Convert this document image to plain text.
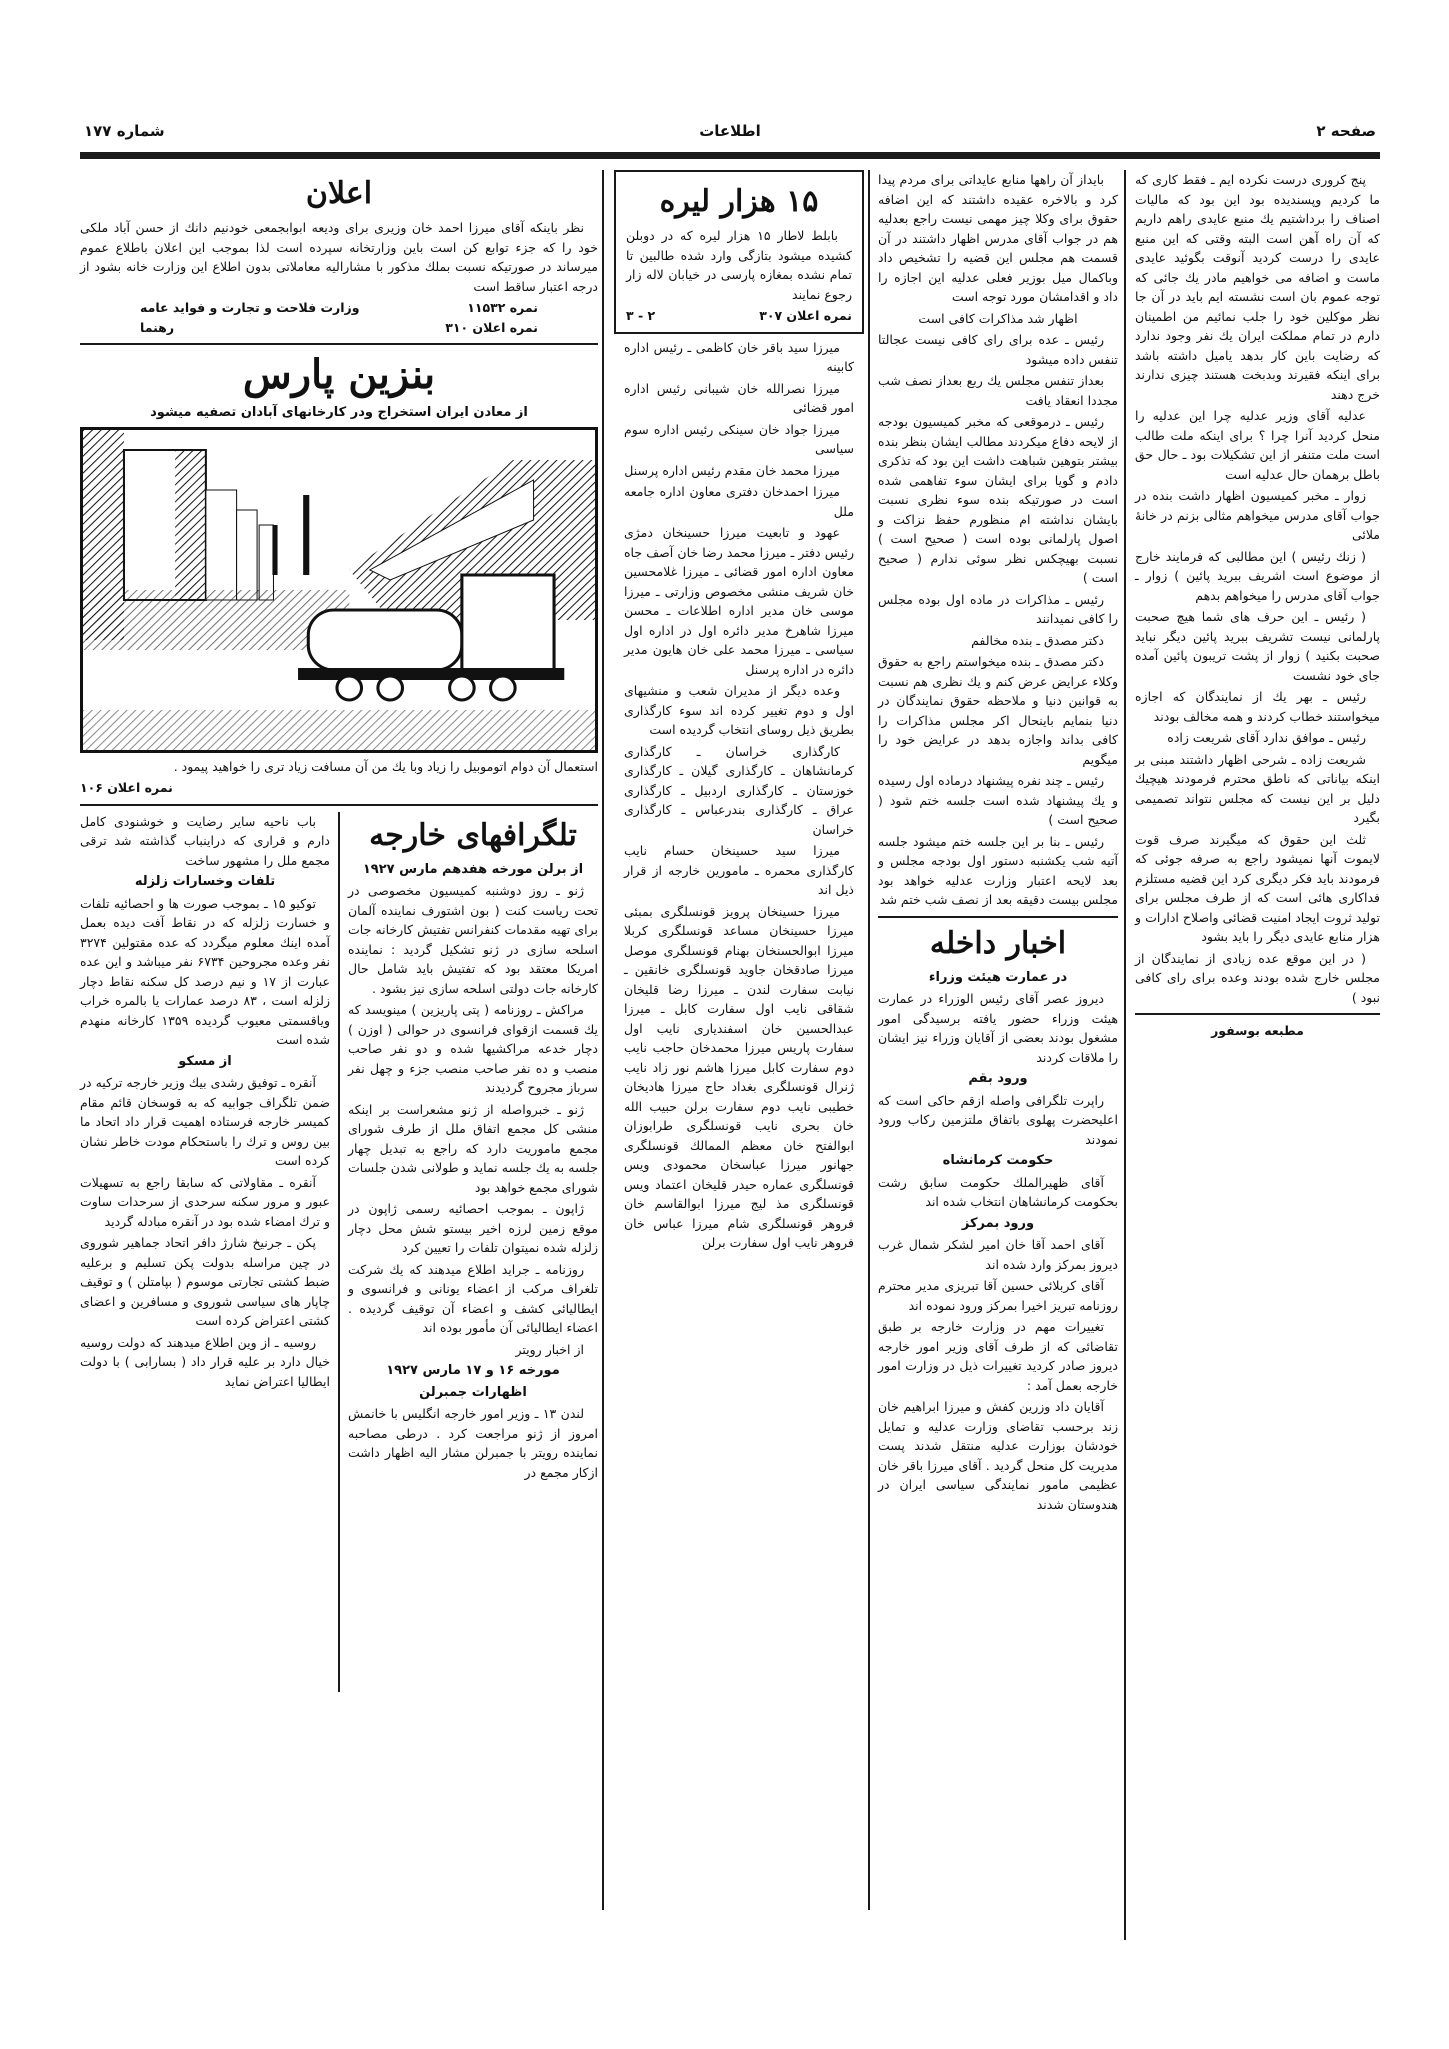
صفحه ۲
اطلاعات
شماره ۱۷۷

پنج كروری درست نكرده ایم ـ فقط كاری كه ما كردیم وپسندیده بود این بود كه مالیات اصناف را برداشتیم یك منبع عایدی راهم داریم كه آن راه آهن است البته وقتی كه این منبع عایدی را درست كردید آنوقت بگوئید عایدی ماست و اضافه می خواهیم مادر یك جائی كه توجه عموم بان است نشسته ایم باید در آن جا نظر موكلین خود را جلب نمائیم من اطمینان دارم در تمام مملكت ایران یك نفر وجود ندارد كه رضایت باین كار بدهد یامیل داشته باشد برای اینكه فقیرند وبدبخت هستند چیزی ندارند خرج دهند

عدلیه آقای وزیر عدلیه چرا این عدلیه را منحل كردید آنرا چرا ؟ برای اینكه ملت طالب است ملت متنفر از این تشكیلات بود ـ حال حق باطل برهمان حال عدلیه است

زوار ـ مخبر كمیسیون اظهار داشت بنده در جواب آقای مدرس میخواهم مثالی بزنم در خانهٔ ملائی

( زنك رئیس ) این مطالبی كه فرمایند خارج از موضوع است اشریف ببرید پائین ) زوار ـ جواب آقای مدرس را میخواهم بدهم

( رئیس ـ این حرف های شما هیچ صحبت پارلمانی نیست تشریف ببرید پائین دیگر نباید صحبت بكنید ) زوار از پشت تریبون پائین آمده جای خود نشست

رئیس ـ بهر یك از نمایندگان كه اجازه میخواستند خطاب كردند و همه مخالف بودند

رئیس ـ موافق ندارد آقای شریعت زاده

شریعت زاده ـ شرحی اظهار داشتند مبنی بر اینكه بیاناتی كه ناطق محترم فرمودند هیچیك دلیل بر این نیست كه مجلس نتواند تصمیمی بگیرد

ثلث این حقوق كه میگیرند صرف قوت لایموت آنها نمیشود راجع به صرفه جوئی كه فرمودند باید فكر دیگری كرد این قضیه مستلزم فداكاری هائی است كه از طرف مجلس برای تولید ثروت ایجاد امنیت قضائی واصلاح ادارات و هزار منابع عایدی دیگر را باید بشود

( در این موقع عده زیادی از نمایندگان از مجلس خارج شده بودند وعده برای رای كافی نبود )

مطبعه بوسفور

بایداز آن راهها منابع عایداتی برای مردم پیدا كرد و بالاخره عقیده داشتند كه این اضافه حقوق برای وكلا چیز مهمی نیست راجع بعدلیه هم در جواب آقای مدرس اظهار داشتند در آن قسمت هم مجلس این قضیه را تشخیص داد وباكمال میل بوزیر فعلی عدلیه این اجازه را داد و اقدامشان مورد توجه است

اظهار شد مذاكرات كافی است

رئیس ـ عده برای رای كافی نیست عجالتا تنفس داده میشود

بعداز تنفس مجلس یك ربع بعداز نصف شب مجددا انعقاد یافت

رئیس ـ درموقعی كه مخبر كمیسیون بودجه از لایحه دفاع میكردند مطالب ایشان بنظر بنده بیشتر بتوهین شباهت داشت این بود كه تذكری دادم و گویا برای ایشان سوء تفاهمی شده است در صورتیكه بنده سوء نظری نسبت بایشان نداشته ام منظورم حفظ نزاكت و اصول پارلمانی بوده است ( صحیح است ) نسبت بهیچكس نظر سوئی ندارم ( صحیح است )

رئیس ـ مذاكرات در ماده اول بوده مجلس را كافی نمیدانند

دكتر مصدق ـ بنده مخالفم

دكتر مصدق ـ بنده میخواستم راجع به حقوق وكلاء عرایض عرض كنم و یك نظری هم نسبت به قوانین دنیا و ملاحظه حقوق نمایندگان در دنیا بنمایم باینحال اكر مجلس مذاكرات را كافی بداند واجازه بدهد در عرایض خود را میگویم

رئیس ـ چند نفره پیشنهاد درماده اول رسیده و یك پیشنهاد شده است جلسه ختم شود ( صحیح است )

رئیس ـ بنا بر این جلسه ختم میشود جلسه آتیه شب یكشنبه دستور اول بودجه مجلس و بعد لایحه اعتبار وزارت عدلیه خواهد بود مجلس بیست دقیقه بعد از نصف شب ختم شد

اخبار داخله
در عمارت هیئت وزراء

دیروز عصر آقای رئیس الوزراء در عمارت هیئت وزراء حضور یافته برسیدگی امور مشغول بودند بعضی از آقایان وزراء نیز ایشان را ملاقات كردند

ورود بقم

راپرت تلگرافی واصله ازقم حاكی است كه اعلیحضرت پهلوی باتفاق ملتزمین ركاب ورود نمودند

حكومت كرمانشاه

آقای ظهیرالملك حكومت سابق رشت بحكومت كرمانشاهان انتخاب شده اند

ورود بمرکز

آقای احمد آقا خان امیر لشكر شمال غرب دیروز بمركز وارد شده اند

آقای كربلائی حسین آقا تبریزی مدیر محترم روزنامه تبریز اخیرا بمركز ورود نموده اند

تغییرات مهم در وزارت خارجه بر طبق تقاضائی كه از طرف آقای وزیر امور خارجه دیروز صادر كردید تغییرات ذیل در وزارت امور خارجه بعمل آمد :

آقایان داد وزرین كفش و میرزا ابراهیم خان زند برحسب تقاضای وزارت عدلیه و تمایل خودشان بوزارت عدلیه منتقل شدند پست مدیریت كل منحل گردید . آقای میرزا باقر خان عظیمی مامور نمایندگی سیاسی ایران در هندوستان شدند

۱۵ هزار لیره

بابلط لاطار ۱۵ هزار لیره كه در دوبلن كشیده میشود بتازگی وارد شده طالبین تا تمام نشده بمغازه پارسی در خیابان لاله زار رجوع نمایند

نمره اعلان ۳۰۷
۲ - ۳

میرزا سید باقر خان كاظمی ـ رئیس اداره كابینه

میرزا نصرالله خان شیبانی رئیس اداره امور قضائی

میرزا جواد خان سینكی رئیس اداره سوم سیاسی

میرزا محمد خان مقدم رئیس اداره پرسنل

میرزا احمدخان دفتری معاون اداره جامعه ملل

عهود و تابعیت میرزا حسینخان دمژی رئیس دفتر ـ میرزا محمد رضا خان آصف جاه معاون اداره امور قضائی ـ میرزا غلامحسین خان شریف منشی مخصوص وزارتی ـ میرزا موسی خان مدیر اداره اطلاعات ـ محسن میرزا شاهرخ مدیر دائره اول در اداره اول سیاسی ـ میرزا محمد علی خان هایون مدیر دائره در اداره پرسنل

وعده دیگر از مدیران شعب و منشیهای اول و دوم تغییر كرده اند سوء كارگذاری بطریق ذیل روسای انتخاب گردیده است

كارگذاری خراسان ـ كارگذاری كرمانشاهان ـ كارگذاری گیلان ـ كارگذاری خوزستان ـ كارگذاری اردبیل ـ كارگذاری عراق ـ كارگذاری بندرعباس ـ كارگذاری خراسان

میرزا سید حسینخان حسام نایب كارگذاری محمره ـ مامورین خارجه از قرار ذیل اند

میرزا حسینخان پرویز قونسلگری بمبئی میرزا حسینخان مساعد قونسلگری كربلا میرزا ابوالحسنخان بهنام قونسلگری موصل میرزا صادقخان جاوید قونسلگری خانقین ـ نیابت سفارت لندن ـ میرزا رضا قلیخان شقاقی نایب اول سفارت كابل ـ میرزا عبدالحسین خان اسفندیاری نایب اول سفارت پاریس میرزا محمدخان حاجب نایب دوم سفارت كابل میرزا هاشم نور زاد نایب ژنرال قونسلگری بغداد حاج میرزا هادیخان خطیبی نایب دوم سفارت برلن حبیب الله خان بحری نایب قونسلگری طرابوزان ابوالفتح خان معظم الممالك قونسلگری جهانور میرزا عباسخان محمودی ویس قونسلگری عماره حیدر قلیخان اعتماد ویس قونسلگری مذ لیج میرزا ابوالقاسم خان فروهر قونسلگری شام میرزا عباس خان فروهر نایب اول سفارت برلن

اعلان

نظر باینکه آقای میرزا احمد خان وزیری برای ودیعه ابوابجمعی خودنیم دانك از حسن آباد ملكی خود را كه جزء توابع كن است باین وزارتخانه سپرده است لذا بموجب این اعلان باطلاع عموم میرساند در صورتیكه نسبت بملك مذكور با مشارالیه معاملاتی بدون اطلاع این وزارت خانه بشود از درجه اعتبار ساقط است

نمره ۱۱۵۳۲
وزارت فلاحت و تجارت و فواید عامه
نمره اعلان ۳۱۰
رهنما
بنزین پارس
از معادن ایران استخراج ودر كارخانهای آبادان تصفیه میشود

استعمال آن دوام اتوموبیل را زیاد وبا یك من آن مسافت زیاد تری را خواهید پیمود .

نمره اعلان ۱۰۶
تلگرافهای خارجه
از برلن مورخه هفدهم مارس ۱۹۲۷

ژنو ـ روز دوشنبه كمیسیون مخصوصی در تحت ریاست كنت ( بون اشتورف نماینده آلمان برای تهیه مقدمات كنفرانس تفتیش كارخانه جات اسلحه سازی در ژنو تشكیل گردید : نماینده امریكا معتقد بود كه تفتیش باید شامل حال كارخانه جات دولتی اسلحه سازی نیز بشود .

مراكش ـ روزنامه ( پتی پاریزین ) مینویسد كه یك قسمت ازقوای فرانسوی در حوالی ( اوزن ) دچار خدعه مراكشیها شده و دو نفر صاحب منصب و ده نفر صاحب منصب جزء و چهل نفر سرباز مجروح گردیدند

ژنو ـ خبرواصله از ژنو مشعراست بر اینكه منشی كل مجمع اتفاق ملل از طرف شورای مجمع ماموریت دارد كه راجع به تبدیل چهار جلسه به یك جلسه نماید و طولانی شدن جلسات شورای مجمع خواهد بود

ژاپون ـ بموجب احصائیه رسمی ژاپون در موقع زمین لرزه اخیر بیستو شش محل دچار زلزله شده نمیتوان تلفات را تعیین كرد

روزنامه ـ جراید اطلاع میدهند كه یك شركت تلغراف مركب از اعضاء یونانی و فرانسوی و ایطالیائی كشف و اعضاء آن توقیف گردیده . اعضاء ایطالیائی آن مأمور بوده اند

از اخبار رویتر

مورخه ۱۶ و ۱۷ مارس ۱۹۲۷
اظهارات جمبرلن

لندن ۱۳ ـ وزیر امور خارجه انگلیس با خانمش امروز از ژنو مراجعت كرد . درطی مصاحبه نماینده رویتر با جمبرلن مشار الیه اظهار داشت ازكار مجمع در

باب ناحیه سایر رضایت و خوشنودی كامل دارم و قراری كه دراینباب گذاشته شد ترقی مجمع ملل را مشهور ساخت

تلفات وخسارات زلزله

توكیو ۱۵ ـ بموجب صورت ها و احصائیه تلفات و خسارت زلزله كه در نقاط آفت دیده بعمل آمده اینك معلوم میگردد كه عده مقتولین ۳۲۷۴ نفر وعده مجروحین ۶۷۳۴ نفر میباشد و این عده عبارت از ۱۷ و نیم درصد كل سكنه نقاط دچار زلزله است ، ۸۳ درصد عمارات یا بالمره خراب ویاقسمتی معیوب گردیده ۱۳۵۹ كارخانه منهدم شده است

از مسكو

آنقره ـ توفیق رشدی بیك وزیر خارجه تركیه در ضمن تلگراف جوابیه كه به قوسخان قائم مقام كمیسر خارجه فرستاده اهمیت قرار داد اتحاد ما بین روس و ترك را باستحكام مودت خاطر نشان كرده است

آنقره ـ مقاولاتی كه سابقا راجع به تسهیلات عبور و مرور سكنه سرحدی از سرحدات ساوت و ترك امضاء شده بود در آنقره مبادله گردید

پكن ـ جرنیخ شارژ دافر اتحاد جماهیر شوروی در چین مراسله بدولت پكن تسلیم و برعلیه ضبط كشتی تجارتی موسوم ( بپامتلن ) و توقیف چاپار های سیاسی شوروی و مسافرین و اعضای كشتی اعتراض كرده است

روسیه ـ از وین اطلاع میدهند كه دولت روسیه خیال دارد بر علیه قرار داد ( بسارابی ) با دولت ایطالیا اعتراض نماید
